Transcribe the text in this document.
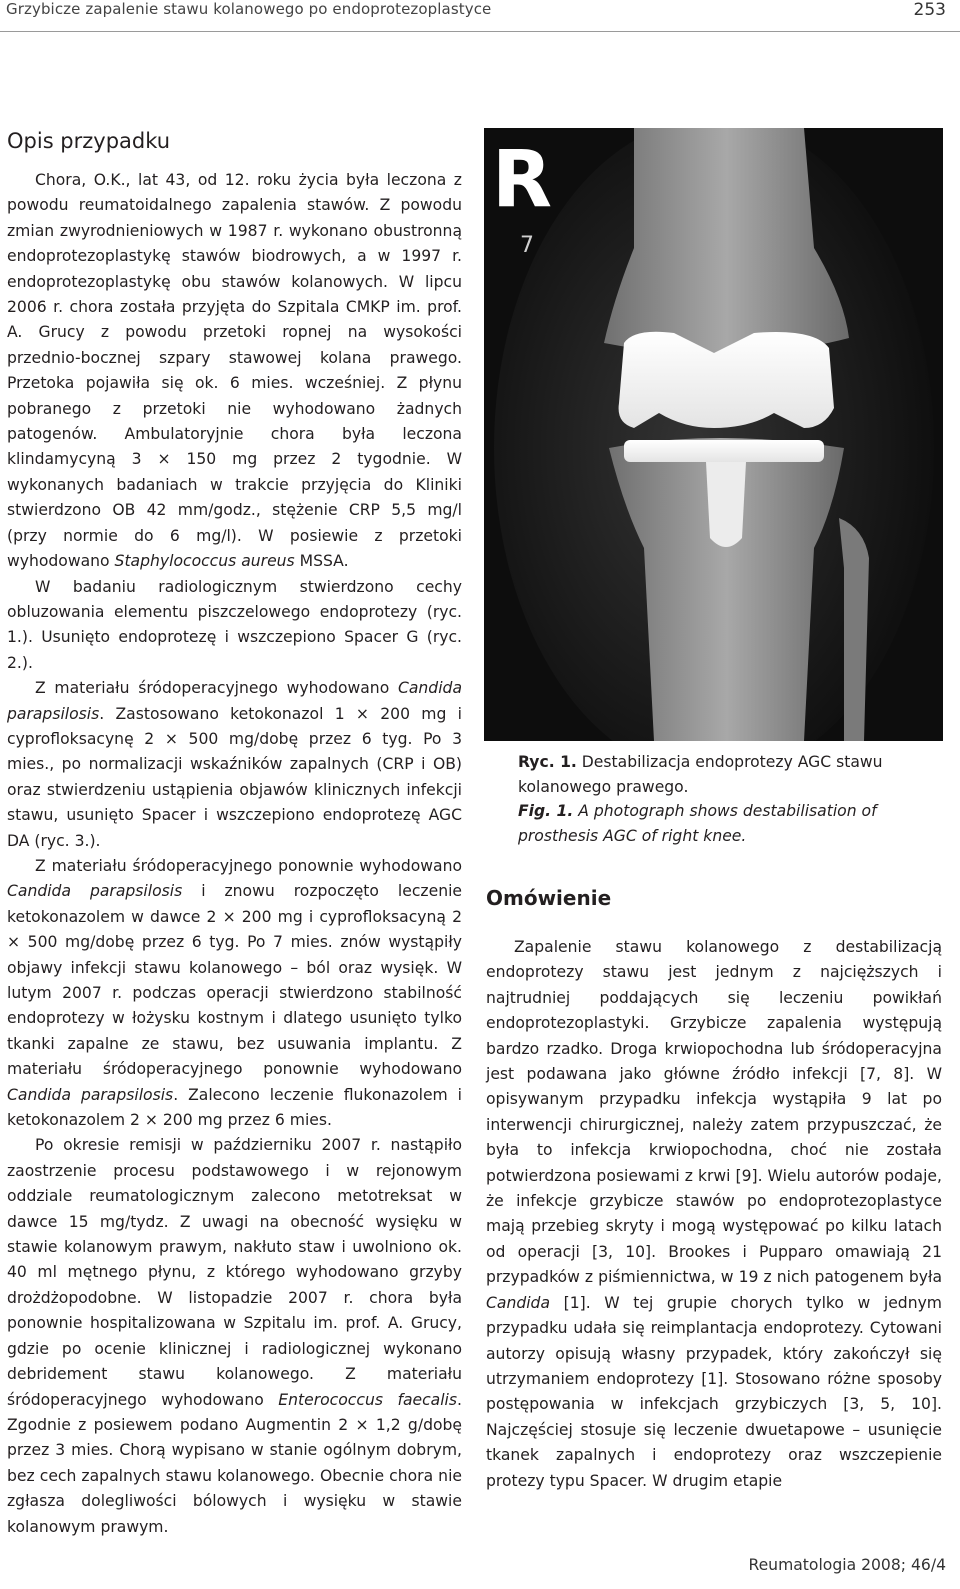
Grzybicze zapalenie stawu kolanowego po endoprotezoplastyce	253
Opis przypadku

Chora, O.K., lat 43, od 12. roku życia była leczona z powodu reumatoidalnego zapalenia stawów. Z powodu zmian zwyrodnieniowych w 1987 r. wykonano obustronną endoprotezoplastykę stawów biodrowych, a w 1997 r. endoprotezoplastykę obu stawów kolanowych. W lipcu 2006 r. chora została przyjęta do Szpitala CMKP im. prof. A. Grucy z powodu przetoki ropnej na wysokości przednio-bocznej szpary stawowej kolana prawego. Przetoka pojawiła się ok. 6 mies. wcześniej. Z płynu pobranego z przetoki nie wyhodowano żadnych patogenów. Ambulatoryjnie chora była leczona klindamycyną 3 × 150 mg przez 2 tygodnie. W wykonanych badaniach w trakcie przyjęcia do Kliniki stwierdzono OB 42 mm/godz., stężenie CRP 5,5 mg/l (przy normie do 6 mg/l). W posiewie z przetoki wyhodowano Staphylococcus aureus MSSA.

W badaniu radiologicznym stwierdzono cechy obluzowania elementu piszczelowego endoprotezy (ryc. 1.). Usunięto endoprotezę i wszczepiono Spacer G (ryc. 2.).

Z materiału śródoperacyjnego wyhodowano Candida parapsilosis. Zastosowano ketokonazol 1 × 200 mg i cyprofloksacynę 2 × 500 mg/dobę przez 6 tyg. Po 3 mies., po normalizacji wskaźników zapalnych (CRP i OB) oraz stwierdzeniu ustąpienia objawów klinicznych infekcji stawu, usunięto Spacer i wszczepiono endoprotezę AGC DA (ryc. 3.).

Z materiału śródoperacyjnego ponownie wyhodowano Candida parapsilosis i znowu rozpoczęto leczenie ketokonazolem w dawce 2 × 200 mg i cyprofloksacyną 2 × 500 mg/dobę przez 6 tyg. Po 7 mies. znów wystąpiły objawy infekcji stawu kolanowego – ból oraz wysięk. W lutym 2007 r. podczas operacji stwierdzono stabilność endoprotezy w łożysku kostnym i dlatego usunięto tylko tkanki zapalne ze stawu, bez usuwania implantu. Z materiału śródoperacyjnego ponownie wyhodowano Candida parapsilosis. Zalecono leczenie flukonazolem i ketokonazolem 2 × 200 mg przez 6 mies.

Po okresie remisji w październiku 2007 r. nastąpiło zaostrzenie procesu podstawowego i w rejonowym oddziale reumatologicznym zalecono metotreksat w dawce 15 mg/tydz. Z uwagi na obecność wysięku w stawie kolanowym prawym, nakłuto staw i uwolniono ok. 40 ml mętnego płynu, z którego wyhodowano grzyby drożdżopodobne. W listopadzie 2007 r. chora była ponownie hospitalizowana w Szpitalu im. prof. A. Grucy, gdzie po ocenie klinicznej i radiologicznej wykonano debridement stawu kolanowego. Z materiału śródoperacyjnego wyhodowano Enterococcus faecalis. Zgodnie z posiewem podano Augmentin 2 × 1,2 g/dobę przez 3 mies. Chorą wypisano w stanie ogólnym dobrym, bez cech zapalnych stawu kolanowego. Obecnie chora nie zgłasza dolegliwości bólowych i wysięku w stawie kolanowym prawym.

R
7

Ryc. 1. Destabilizacja endoprotezy AGC stawu kolanowego prawego.

Fig. 1. A photograph shows destabilisation of prosthesis AGC of right knee.

Omówienie

Zapalenie stawu kolanowego z destabilizacją endoprotezy stawu jest jednym z najcięższych i najtrudniej poddających się leczeniu powikłań endoprotezoplastyki. Grzybicze zapalenia występują bardzo rzadko. Droga krwiopochodna lub śródoperacyjna jest podawana jako główne źródło infekcji [7, 8]. W opisywanym przypadku infekcja wystąpiła 9 lat po interwencji chirurgicznej, należy zatem przypuszczać, że była to infekcja krwiopochodna, choć nie została potwierdzona posiewami z krwi [9]. Wielu autorów podaje, że infekcje grzybicze stawów po endoprotezoplastyce mają przebieg skryty i mogą występować po kilku latach od operacji [3, 10]. Brookes i Pupparo omawiają 21 przypadków z piśmiennictwa, w 19 z nich patogenem była Candida [1]. W tej grupie chorych tylko w jednym przypadku udała się reimplantacja endoprotezy. Cytowani autorzy opisują własny przypadek, który zakończył się utrzymaniem endoprotezy [1]. Stosowano różne sposoby postępowania w infekcjach grzybiczych [3, 5, 10]. Najczęściej stosuje się leczenie dwuetapowe – usunięcie tkanek zapalnych i endoprotezy oraz wszczepienie protezy typu Spacer. W drugim etapie

Reumatologia 2008; 46/4
